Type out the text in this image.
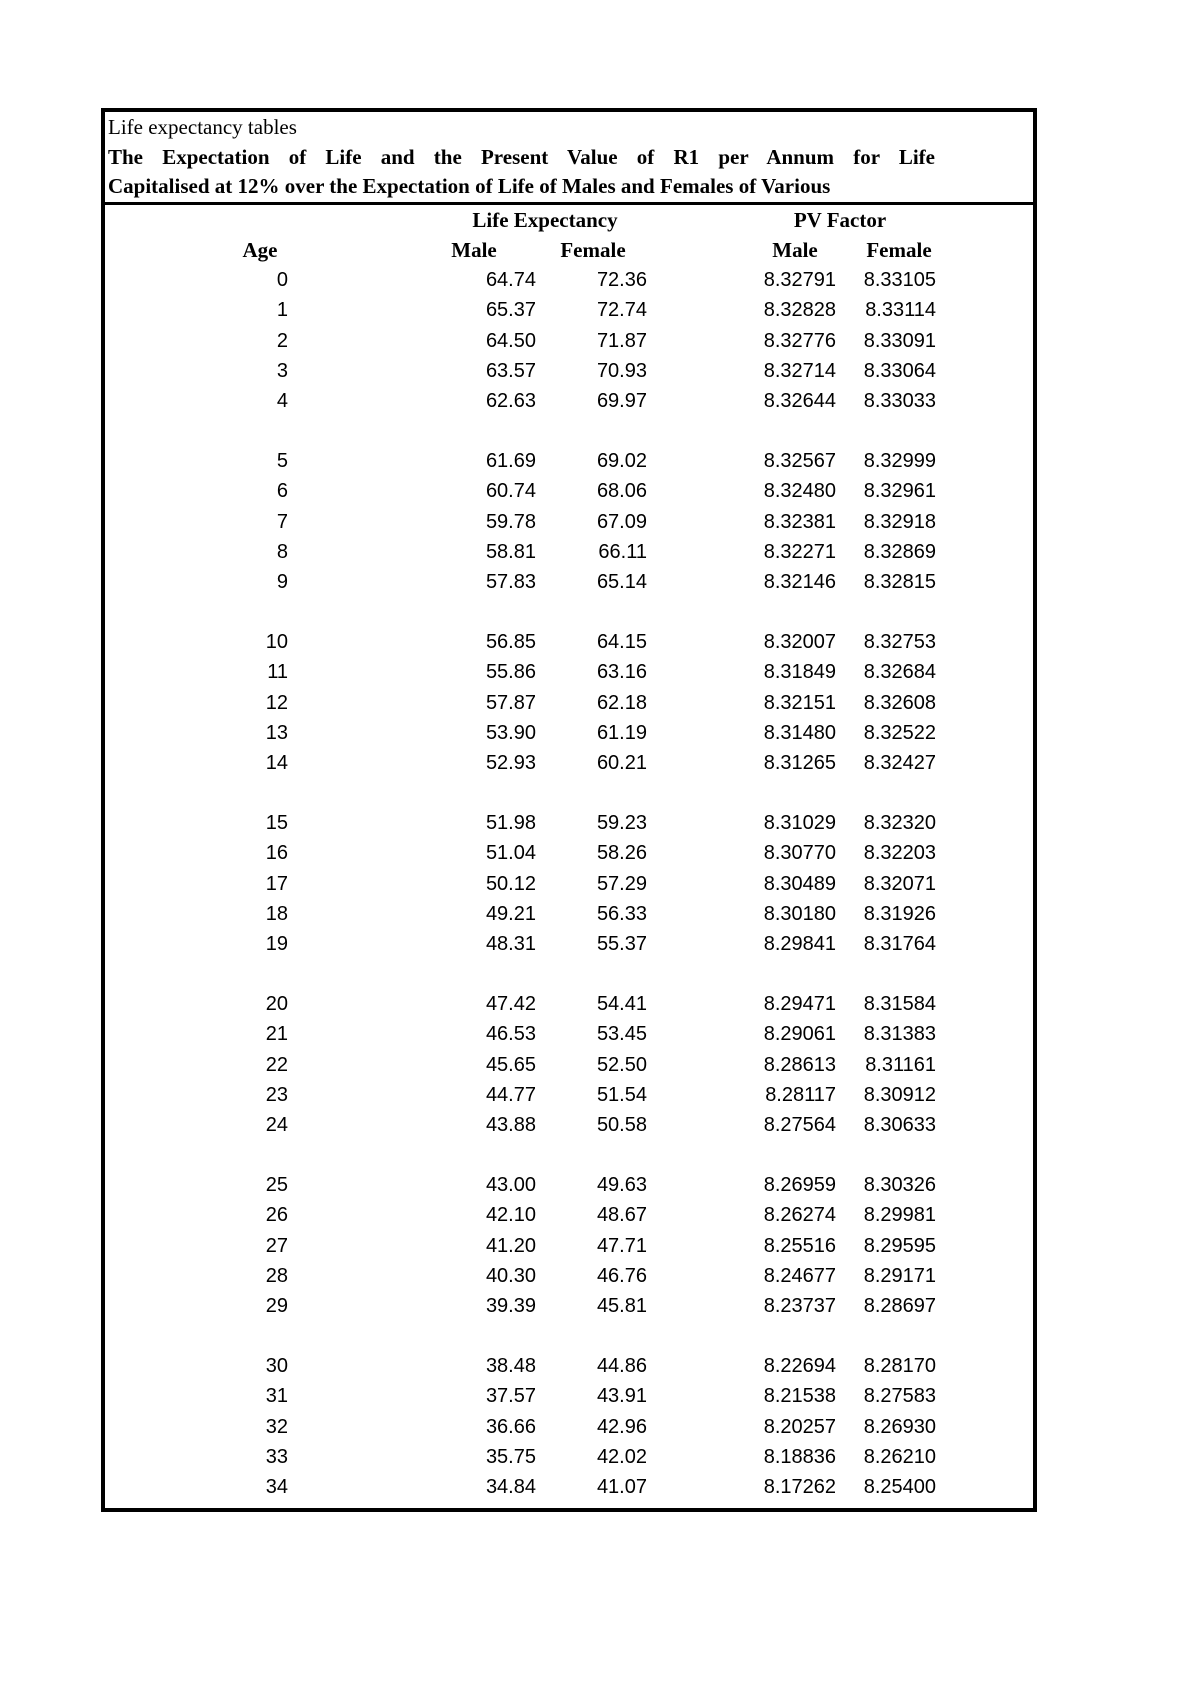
Life expectancy tables
The Expectation of Life and the Present Value of R1 per Annum for Life
Capitalised at 12% over the Expectation of Life of Males and Females of Various
Life Expectancy	PV Factor
Age	Male	Female	Male	Female
0	64.74	72.36	8.32791	8.33105
1	65.37	72.74	8.32828	8.33114
2	64.50	71.87	8.32776	8.33091
3	63.57	70.93	8.32714	8.33064
4	62.63	69.97	8.32644	8.33033
5	61.69	69.02	8.32567	8.32999
6	60.74	68.06	8.32480	8.32961
7	59.78	67.09	8.32381	8.32918
8	58.81	66.11	8.32271	8.32869
9	57.83	65.14	8.32146	8.32815
10	56.85	64.15	8.32007	8.32753
11	55.86	63.16	8.31849	8.32684
12	57.87	62.18	8.32151	8.32608
13	53.90	61.19	8.31480	8.32522
14	52.93	60.21	8.31265	8.32427
15	51.98	59.23	8.31029	8.32320
16	51.04	58.26	8.30770	8.32203
17	50.12	57.29	8.30489	8.32071
18	49.21	56.33	8.30180	8.31926
19	48.31	55.37	8.29841	8.31764
20	47.42	54.41	8.29471	8.31584
21	46.53	53.45	8.29061	8.31383
22	45.65	52.50	8.28613	8.31161
23	44.77	51.54	8.28117	8.30912
24	43.88	50.58	8.27564	8.30633
25	43.00	49.63	8.26959	8.30326
26	42.10	48.67	8.26274	8.29981
27	41.20	47.71	8.25516	8.29595
28	40.30	46.76	8.24677	8.29171
29	39.39	45.81	8.23737	8.28697
30	38.48	44.86	8.22694	8.28170
31	37.57	43.91	8.21538	8.27583
32	36.66	42.96	8.20257	8.26930
33	35.75	42.02	8.18836	8.26210
34	34.84	41.07	8.17262	8.25400
